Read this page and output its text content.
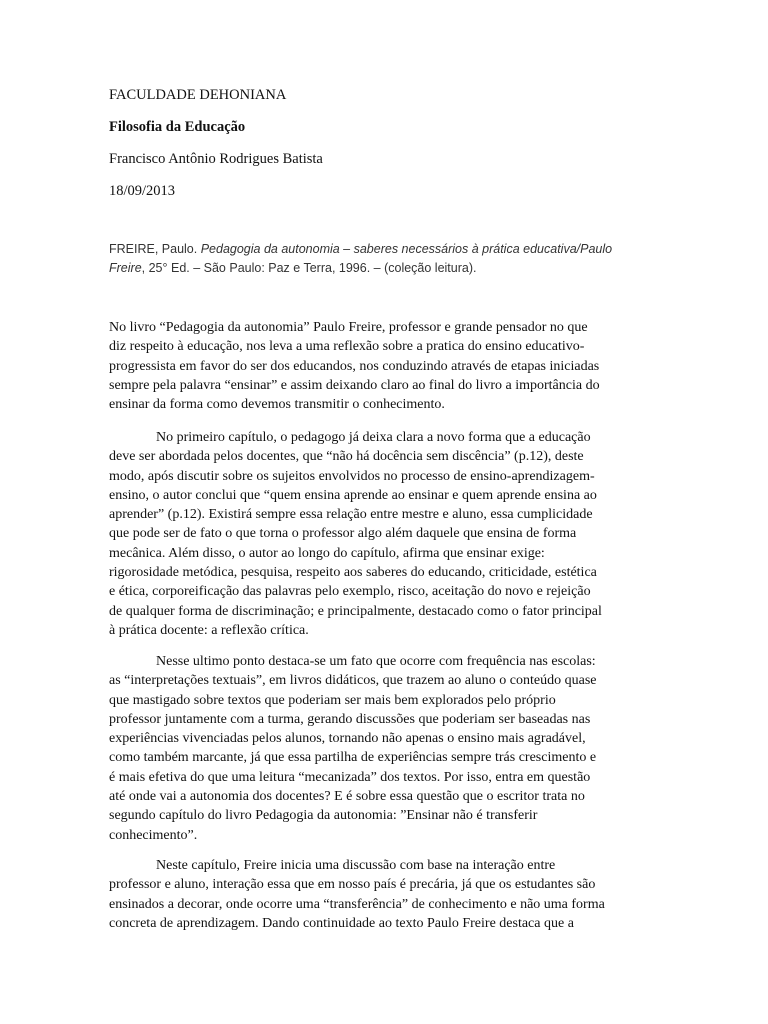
FACULDADE DEHONIANA
Filosofia da Educação
Francisco Antônio Rodrigues Batista
18/09/2013
FREIRE, Paulo. Pedagogia da autonomia – saberes necessários à prática educativa/Paulo
Freire, 25° Ed. – São Paulo: Paz e Terra, 1996. – (coleção leitura).
No livro “Pedagogia da autonomia” Paulo Freire, professor e grande pensador no que
diz respeito à educação, nos leva a uma reflexão sobre a pratica do ensino educativo-
progressista em favor do ser dos educandos, nos conduzindo através de etapas iniciadas
sempre pela palavra “ensinar” e assim deixando claro ao final do livro a importância do
ensinar da forma como devemos transmitir o conhecimento.
No primeiro capítulo, o pedagogo já deixa clara a novo forma que a educação
deve ser abordada pelos docentes, que “não há docência sem discência” (p.12), deste
modo, após discutir sobre os sujeitos envolvidos no processo de ensino-aprendizagem-
ensino, o autor conclui que “quem ensina aprende ao ensinar e quem aprende ensina ao
aprender” (p.12). Existirá sempre essa relação entre mestre e aluno, essa cumplicidade
que pode ser de fato o que torna o professor algo além daquele que ensina de forma
mecânica. Além disso, o autor ao longo do capítulo, afirma que ensinar exige:
rigorosidade metódica, pesquisa, respeito aos saberes do educando, criticidade, estética
e ética, corporeificação das palavras pelo exemplo, risco, aceitação do novo e rejeição
de qualquer forma de discriminação; e principalmente, destacado como o fator principal
à prática docente: a reflexão crítica.
Nesse ultimo ponto destaca-se um fato que ocorre com frequência nas escolas:
as “interpretações textuais”, em livros didáticos, que trazem ao aluno o conteúdo quase
que mastigado sobre textos que poderiam ser mais bem explorados pelo próprio
professor juntamente com a turma, gerando discussões que poderiam ser baseadas nas
experiências vivenciadas pelos alunos, tornando não apenas o ensino mais agradável,
como também marcante, já que essa partilha de experiências sempre trás crescimento e
é mais efetiva do que uma leitura “mecanizada” dos textos. Por isso, entra em questão
até onde vai a autonomia dos docentes? E é sobre essa questão que o escritor trata no
segundo capítulo do livro Pedagogia da autonomia: ”Ensinar não é transferir
conhecimento”.
Neste capítulo, Freire inicia uma discussão com base na interação entre
professor e aluno, interação essa que em nosso país é precária, já que os estudantes são
ensinados a decorar, onde ocorre uma “transferência” de conhecimento e não uma forma
concreta de aprendizagem. Dando continuidade ao texto Paulo Freire destaca que a
